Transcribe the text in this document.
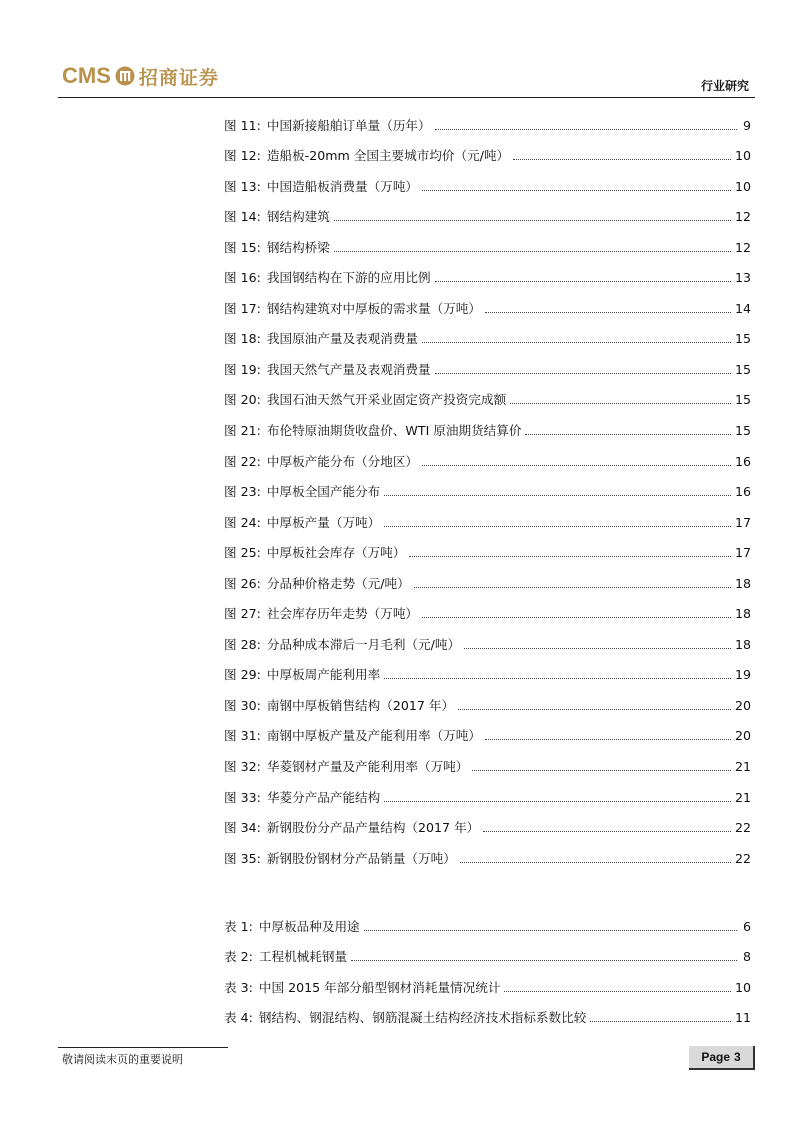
CMS 招商证券	行业研究
图 11: 中国新接船舶订单量（历年）	9
图 12: 造船板-20mm 全国主要城市均价（元/吨）	10
图 13: 中国造船板消费量（万吨）	10
图 14: 钢结构建筑	12
图 15: 钢结构桥梁	12
图 16: 我国钢结构在下游的应用比例	13
图 17: 钢结构建筑对中厚板的需求量（万吨）	14
图 18: 我国原油产量及表观消费量	15
图 19: 我国天然气产量及表观消费量	15
图 20: 我国石油天然气开采业固定资产投资完成额	15
图 21: 布伦特原油期货收盘价、WTI 原油期货结算价	15
图 22: 中厚板产能分布（分地区）	16
图 23: 中厚板全国产能分布	16
图 24: 中厚板产量（万吨）	17
图 25: 中厚板社会库存（万吨）	17
图 26: 分品种价格走势（元/吨）	18
图 27: 社会库存历年走势（万吨）	18
图 28: 分品种成本滞后一月毛利（元/吨）	18
图 29: 中厚板周产能利用率	19
图 30: 南钢中厚板销售结构（2017 年）	20
图 31: 南钢中厚板产量及产能利用率（万吨）	20
图 32: 华菱钢材产量及产能利用率（万吨）	21
图 33: 华菱分产品产能结构	21
图 34: 新钢股份分产品产量结构（2017 年）	22
图 35: 新钢股份钢材分产品销量（万吨）	22
表 1: 中厚板品种及用途	6
表 2: 工程机械耗钢量	8
表 3: 中国 2015 年部分船型钢材消耗量情况统计	10
表 4: 钢结构、钢混结构、钢筋混凝土结构经济技术指标系数比较	11
敬请阅读末页的重要说明	Page 3
